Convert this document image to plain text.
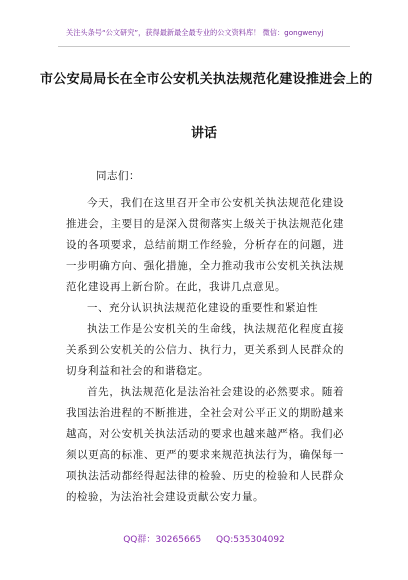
关注头条号“公文研究”，获得最新最全最专业的公文资料库！ 微信：gongwenyj
市公安局局长在全市公安机关执法规范化建设推进会上的
讲话
同志们：

今天，我们在这里召开全市公安机关执法规范化建设推进会，主要目的是深入贯彻落实上级关于执法规范化建设的各项要求，总结前期工作经验，分析存在的问题，进一步明确方向、强化措施，全力推动我市公安机关执法规范化建设再上新台阶。在此，我讲几点意见。

一、充分认识执法规范化建设的重要性和紧迫性

执法工作是公安机关的生命线，执法规范化程度直接关系到公安机关的公信力、执行力，更关系到人民群众的切身利益和社会的和谐稳定。

首先，执法规范化是法治社会建设的必然要求。随着我国法治进程的不断推进，全社会对公平正义的期盼越来越高，对公安机关执法活动的要求也越来越严格。我们必须以更高的标准、更严的要求来规范执法行为，确保每一项执法活动都经得起法律的检验、历史的检验和人民群众的检验，为法治社会建设贡献公安力量。

QQ群：30265665 QQ:535304092
